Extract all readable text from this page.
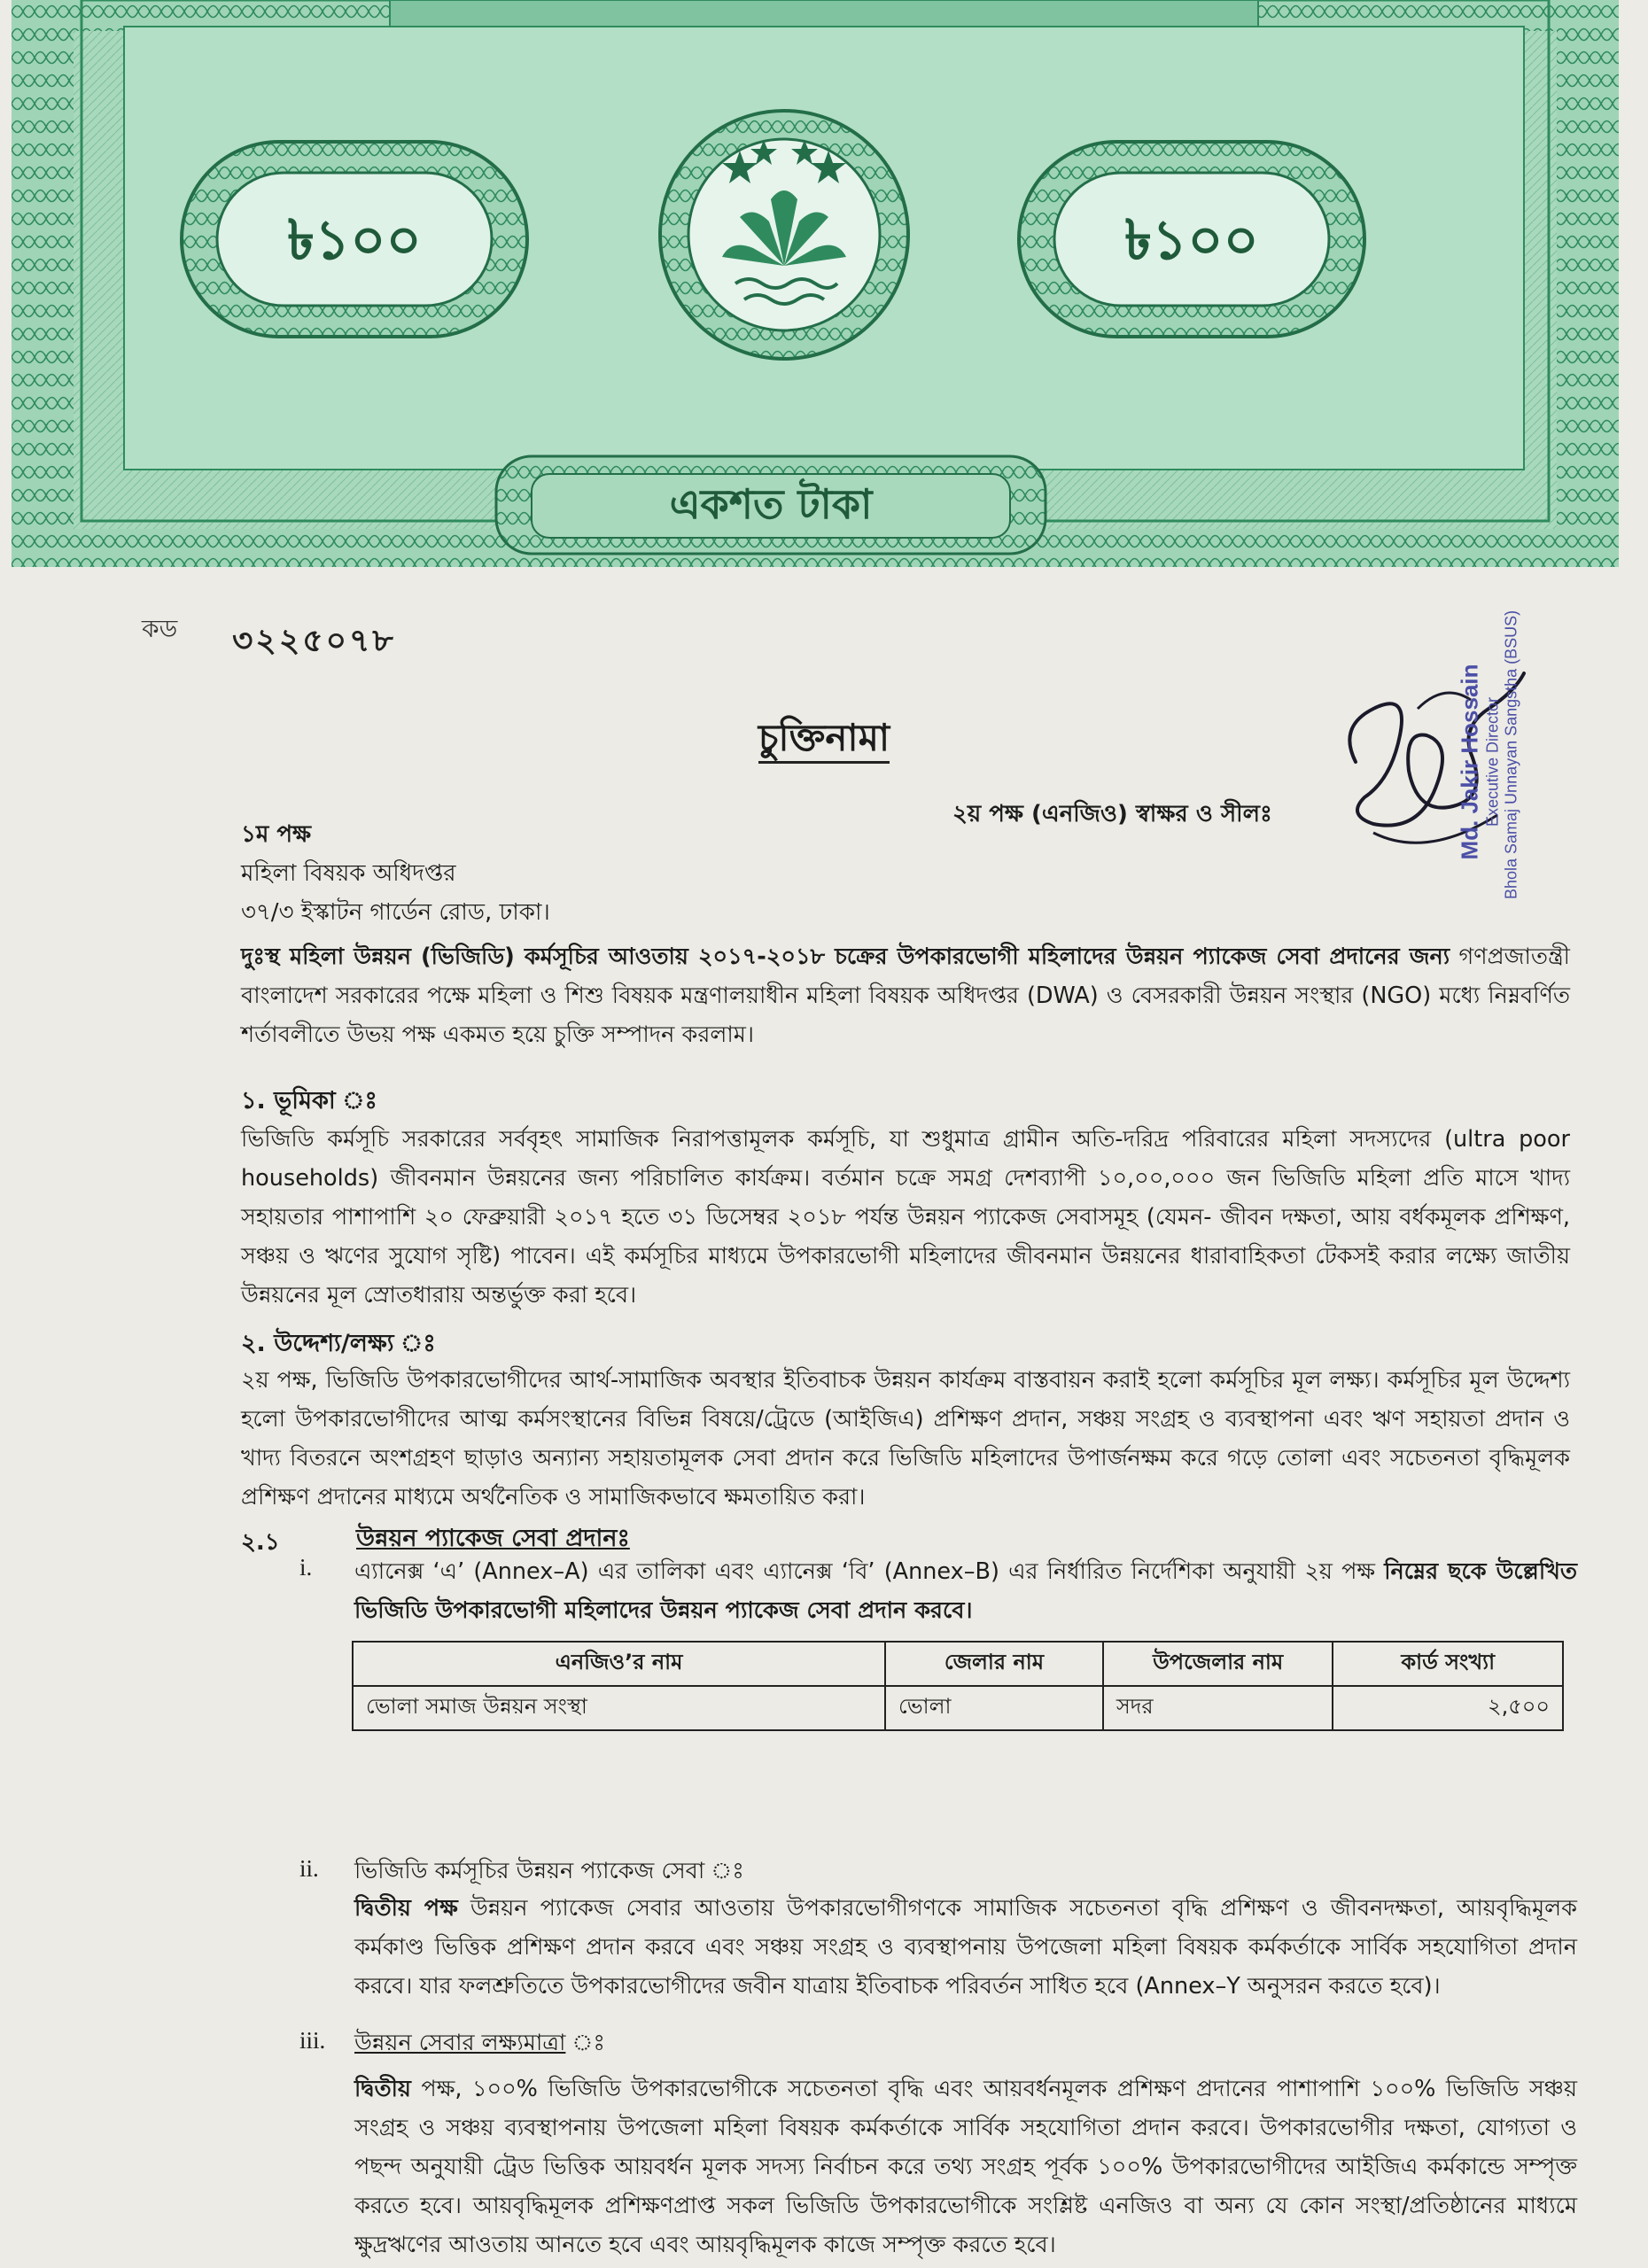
৳১০০	৳১০০
একশত টাকা
কড ৩২২৫০৭৮
চুক্তিনামা	Md. Jakir Hossain Executive Director Bhola Samaj Unnayan Sangstha (BSUS)
২য় পক্ষ (এনজিও) স্বাক্ষর ও সীলঃ
১ম পক্ষ
মহিলা বিষয়ক অধিদপ্তর
৩৭/৩ ইস্কাটন গার্ডেন রোড, ঢাকা।
দুঃস্থ মহিলা উন্নয়ন (ভিজিডি) কর্মসূচির আওতায় ২০১৭-২০১৮ চক্রের উপকারভোগী মহিলাদের উন্নয়ন প্যাকেজ সেবা প্রদানের জন্য গণপ্রজাতন্ত্রী বাংলাদেশ সরকারের পক্ষে মহিলা ও শিশু বিষয়ক মন্ত্রণালয়াধীন মহিলা বিষয়ক অধিদপ্তর (DWA) ও বেসরকারী উন্নয়ন সংস্থার (NGO) মধ্যে নিম্নবর্ণিত শর্তাবলীতে উভয় পক্ষ একমত হয়ে চুক্তি সম্পাদন করলাম।
১. ভূমিকা ঃ
ভিজিডি কর্মসূচি সরকারের সর্ববৃহৎ সামাজিক নিরাপত্তামূলক কর্মসূচি, যা শুধুমাত্র গ্রামীন অতি-দরিদ্র পরিবারের মহিলা সদস্যদের (ultra poor households) জীবনমান উন্নয়নের জন্য পরিচালিত কার্যক্রম। বর্তমান চক্রে সমগ্র দেশব্যাপী ১০,০০,০০০ জন ভিজিডি মহিলা প্রতি মাসে খাদ্য সহায়তার পাশাপাশি ২০ ফেব্রুয়ারী ২০১৭ হতে ৩১ ডিসেম্বর ২০১৮ পর্যন্ত উন্নয়ন প্যাকেজ সেবাসমূহ (যেমন- জীবন দক্ষতা, আয় বর্ধকমূলক প্রশিক্ষণ, সঞ্চয় ও ঋণের সুযোগ সৃষ্টি) পাবেন। এই কর্মসূচির মাধ্যমে উপকারভোগী মহিলাদের জীবনমান উন্নয়নের ধারাবাহিকতা টেকসই করার লক্ষ্যে জাতীয় উন্নয়নের মূল স্রোতধারায় অন্তর্ভুক্ত করা হবে।
২. উদ্দেশ্য/লক্ষ্য ঃ
২য় পক্ষ, ভিজিডি উপকারভোগীদের আর্থ-সামাজিক অবস্থার ইতিবাচক উন্নয়ন কার্যক্রম বাস্তবায়ন করাই হলো কর্মসূচির মূল লক্ষ্য। কর্মসূচির মূল উদ্দেশ্য হলো উপকারভোগীদের আত্ম কর্মসংস্থানের বিভিন্ন বিষয়ে/ট্রেডে (আইজিএ) প্রশিক্ষণ প্রদান, সঞ্চয় সংগ্রহ ও ব্যবস্থাপনা এবং ঋণ সহায়তা প্রদান ও খাদ্য বিতরনে অংশগ্রহণ ছাড়াও অন্যান্য সহায়তামূলক সেবা প্রদান করে ভিজিডি মহিলাদের উপার্জনক্ষম করে গড়ে তোলা এবং সচেতনতা বৃদ্ধিমূলক প্রশিক্ষণ প্রদানের মাধ্যমে অর্থনৈতিক ও সামাজিকভাবে ক্ষমতায়িত করা।
২.১	উন্নয়ন প্যাকেজ সেবা প্রদানঃ
i. এ্যানেক্স ‘এ’ (Annex–A) এর তালিকা এবং এ্যানেক্স ‘বি’ (Annex–B) এর নির্ধারিত নির্দেশিকা অনুযায়ী ২য় পক্ষ নিম্নের ছকে উল্লেখিত ভিজিডি উপকারভোগী মহিলাদের উন্নয়ন প্যাকেজ সেবা প্রদান করবে।
এনজিও’র নাম	জেলার নাম	উপজেলার নাম	কার্ড সংখ্যা
ভোলা সমাজ উন্নয়ন সংস্থা	ভোলা	সদর	২,৫০০
ii. ভিজিডি কর্মসূচির উন্নয়ন প্যাকেজ সেবা ঃ
দ্বিতীয় পক্ষ উন্নয়ন প্যাকেজ সেবার আওতায় উপকারভোগীগণকে সামাজিক সচেতনতা বৃদ্ধি প্রশিক্ষণ ও জীবনদক্ষতা, আয়বৃদ্ধিমূলক কর্মকাণ্ড ভিত্তিক প্রশিক্ষণ প্রদান করবে এবং সঞ্চয় সংগ্রহ ও ব্যবস্থাপনায় উপজেলা মহিলা বিষয়ক কর্মকর্তাকে সার্বিক সহযোগিতা প্রদান করবে। যার ফলশ্রুতিতে উপকারভোগীদের জবীন যাত্রায় ইতিবাচক পরিবর্তন সাধিত হবে (Annex–Y অনুসরন করতে হবে)।
iii. উন্নয়ন সেবার লক্ষ্যমাত্রা ঃ
দ্বিতীয় পক্ষ, ১০০% ভিজিডি উপকারভোগীকে সচেতনতা বৃদ্ধি এবং আয়বর্ধনমূলক প্রশিক্ষণ প্রদানের পাশাপাশি ১০০% ভিজিডি সঞ্চয় সংগ্রহ ও সঞ্চয় ব্যবস্থাপনায় উপজেলা মহিলা বিষয়ক কর্মকর্তাকে সার্বিক সহযোগিতা প্রদান করবে। উপকারভোগীর দক্ষতা, যোগ্যতা ও পছন্দ অনুযায়ী ট্রেড ভিত্তিক আয়বর্ধন মূলক সদস্য নির্বাচন করে তথ্য সংগ্রহ পূর্বক ১০০% উপকারভোগীদের আইজিএ কর্মকান্ডে সম্পৃক্ত করতে হবে। আয়বৃদ্ধিমূলক প্রশিক্ষণপ্রাপ্ত সকল ভিজিডি উপকারভোগীকে সংশ্লিষ্ট এনজিও বা অন্য যে কোন সংস্থা/প্রতিষ্ঠানের মাধ্যমে ক্ষুদ্রঋণের আওতায় আনতে হবে এবং আয়বৃদ্ধিমূলক কাজে সম্পৃক্ত করতে হবে।
